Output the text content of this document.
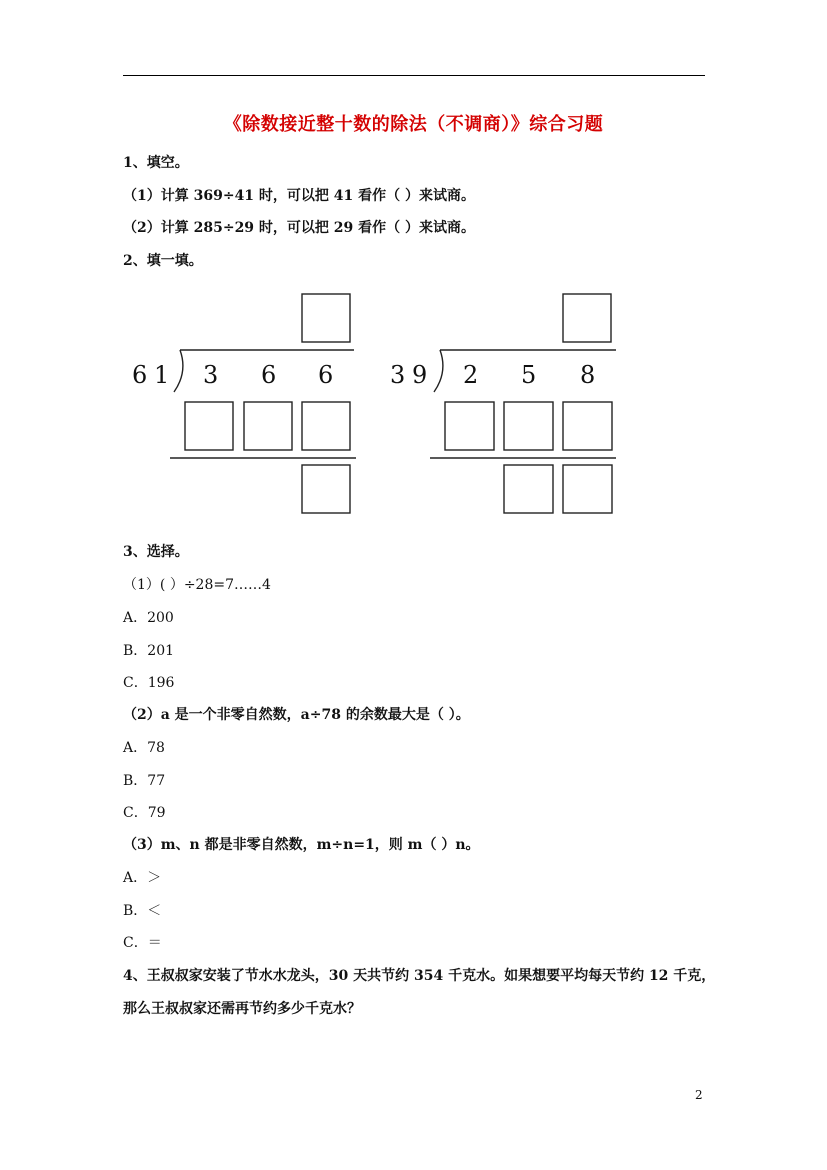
《除数接近整十数的除法（不调商）》综合习题
1、填空。
（1）计算 369÷41 时，可以把 41 看作（ ）来试商。
（2）计算 285÷29 时，可以把 29 看作（ ）来试商。
2、填一填。
6 1 3 6 6 3 9 2 5 8
3、选择。
（1）( ）÷28=7……4
A．200
B．201
C．196
（2）a 是一个非零自然数，a÷78 的余数最大是（ ）。
A．78
B．77
C．79
（3）m、n 都是非零自然数，m÷n=1，则 m（ ）n。
A．＞
B．＜
C．＝
4、王叔叔家安装了节水水龙头，30 天共节约 354 千克水。如果想要平均每天节约 12 千克，
那么王叔叔家还需再节约多少千克水？
2
